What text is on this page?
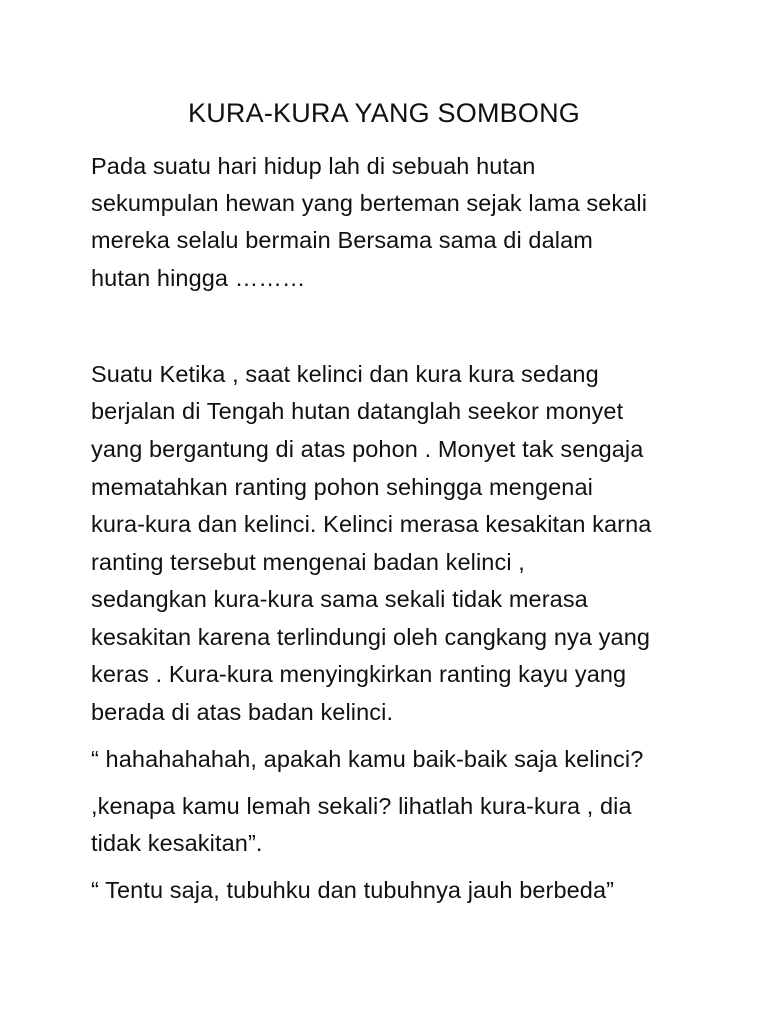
KURA-KURA YANG SOMBONG

Pada suatu hari hidup lah di sebuah hutan

sekumpulan hewan yang berteman sejak lama sekali

mereka selalu bermain Bersama sama di dalam

hutan hingga ………

Suatu Ketika , saat kelinci dan kura kura sedang

berjalan di Tengah hutan datanglah seekor monyet

yang bergantung di atas pohon . Monyet tak sengaja

mematahkan ranting pohon sehingga mengenai

kura-kura dan kelinci. Kelinci merasa kesakitan karna

ranting tersebut mengenai badan kelinci ,

sedangkan kura-kura sama sekali tidak merasa

kesakitan karena terlindungi oleh cangkang nya yang

keras . Kura-kura menyingkirkan ranting kayu yang

berada di atas badan kelinci.

“ hahahahahah, apakah kamu baik-baik saja kelinci?

,kenapa kamu lemah sekali? lihatlah kura-kura , dia

tidak kesakitan”.

“ Tentu saja, tubuhku dan tubuhnya jauh berbeda”
